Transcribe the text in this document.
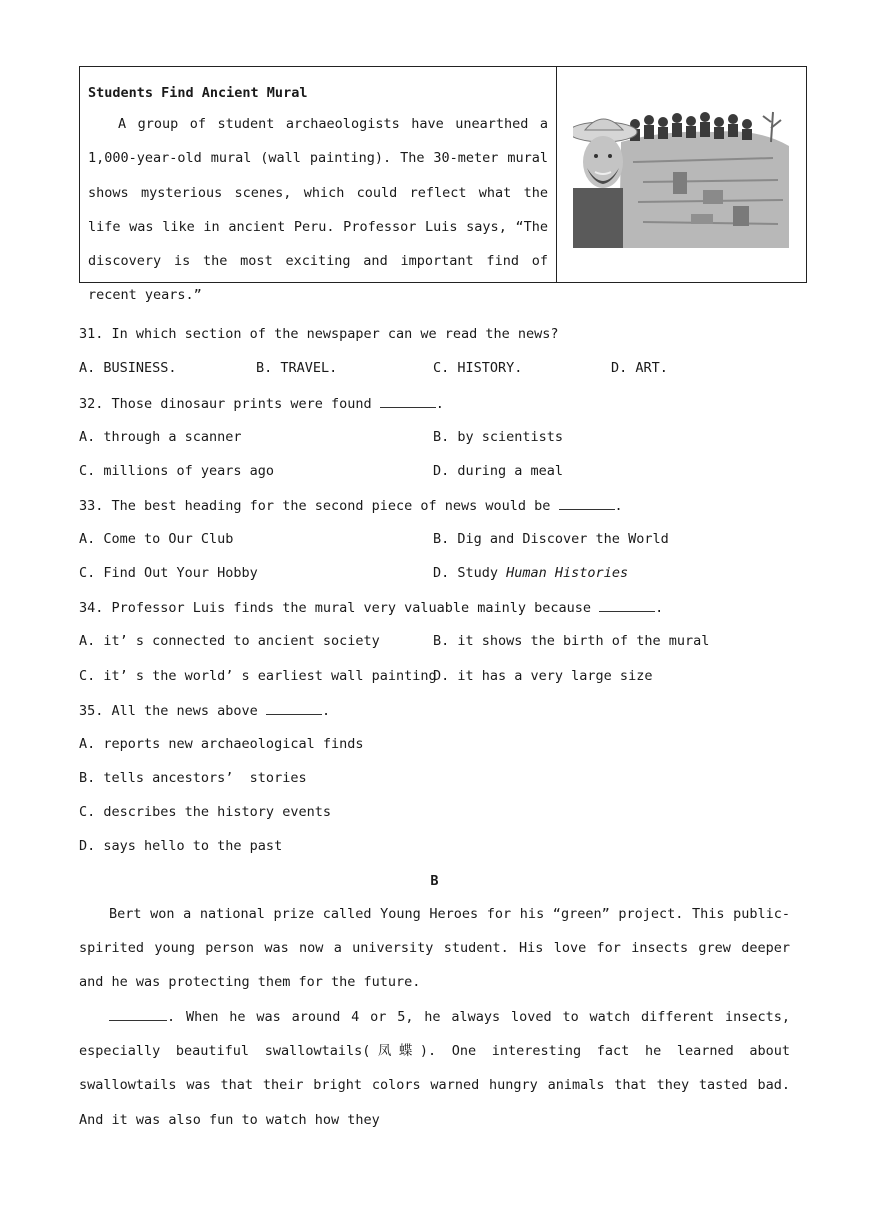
Students Find Ancient Mural
A group of student archaeologists have unearthed a 1,000-year-old mural (wall painting). The 30-meter mural shows mysterious scenes, which could reflect what the life was like in ancient Peru. Professor Luis says, “The discovery is the most exciting and important find of recent years.”
31. In which section of the newspaper can we read the news?
A. BUSINESS.	B. TRAVEL.	C. HISTORY.	D. ART.
32. Those dinosaur prints were found	.
A. through a scanner	B. by scientists
C. millions of years ago	D. during a meal
33. The best heading for the second piece of news would be	.
A. Come to Our Club	B. Dig and Discover the World
C. Find Out Your Hobby	D. Study Human Histories
34. Professor Luis finds the mural very valuable mainly because	.
A. it’ s connected to ancient society	B. it shows the birth of the mural
C. it’ s the world’ s earliest wall painting
D. it has a very large size
35. All the news above	.
A. reports new archaeological finds
B. tells ancestors’  stories
C. describes the history events
D. says hello to the past
B
Bert won a national prize called Young Heroes for his “green” project. This public-spirited young person was now a university student. His love for insects grew deeper and he was protecting them for the future.
. When he was around 4 or 5, he always loved to watch different insects, especially beautiful swallowtails(凤蝶). One interesting fact he learned about swallowtails was that their bright colors warned hungry animals that they tasted bad. And it was also fun to watch how they
